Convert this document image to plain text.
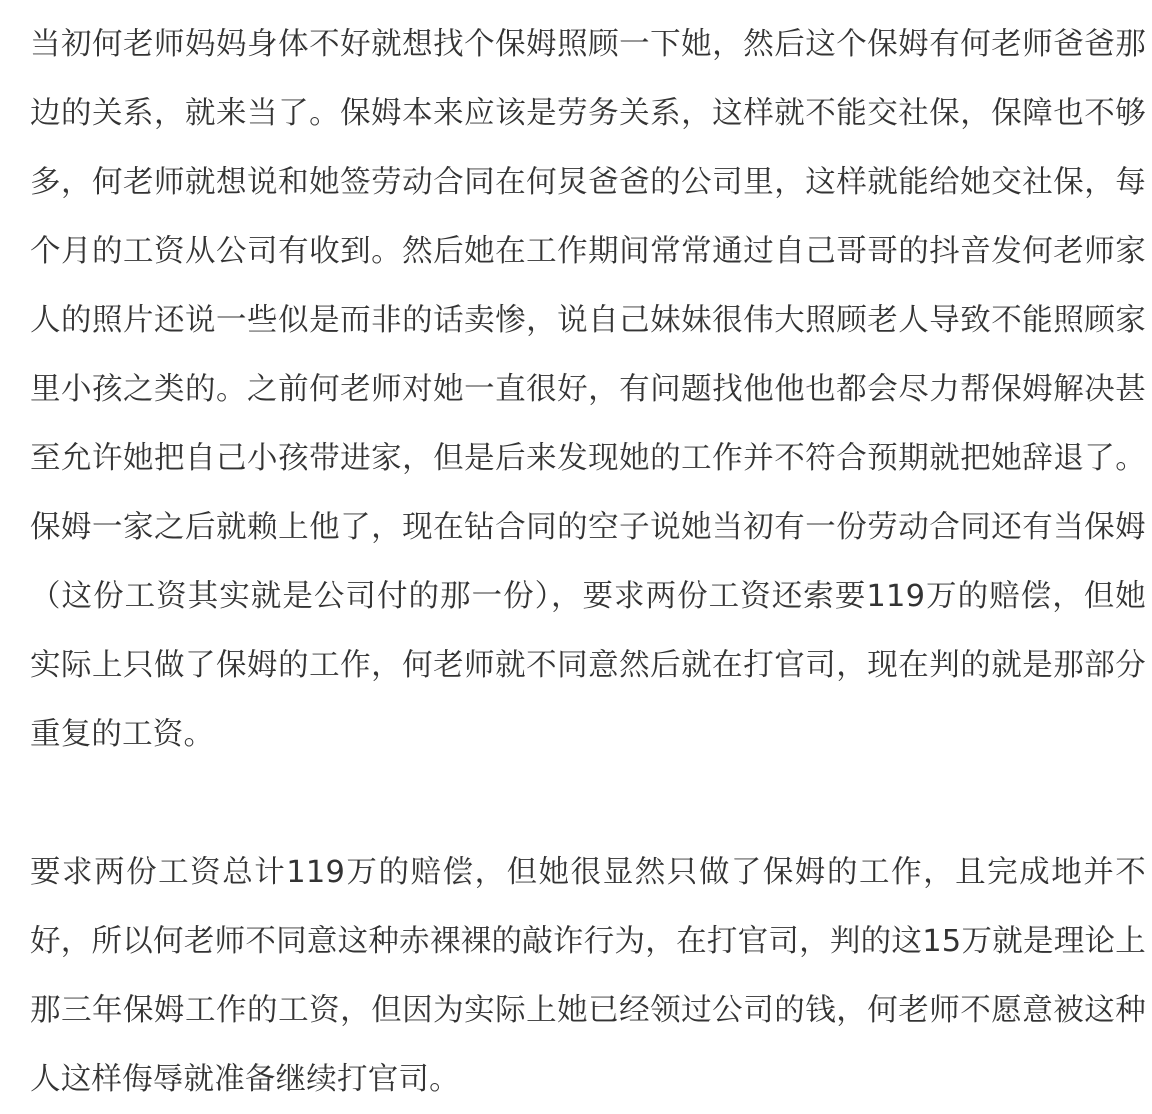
当初何老师妈妈身体不好就想找个保姆照顾一下她，然后这个保姆有何老师爸爸那边的关系，就来当了。保姆本来应该是劳务关系，这样就不能交社保，保障也不够多，何老师就想说和她签劳动合同在何炅爸爸的公司里，这样就能给她交社保，每个月的工资从公司有收到。然后她在工作期间常常通过自己哥哥的抖音发何老师家人的照片还说一些似是而非的话卖惨，说自己妹妹很伟大照顾老人导致不能照顾家里小孩之类的。之前何老师对她一直很好，有问题找他他也都会尽力帮保姆解决甚至允许她把自己小孩带进家，但是后来发现她的工作并不符合预期就把她辞退了。保姆一家之后就赖上他了，现在钻合同的空子说她当初有一份劳动合同还有当保姆（这份工资其实就是公司付的那一份），要求两份工资还索要119万的赔偿，但她实际上只做了保姆的工作，何老师就不同意然后就在打官司，现在判的就是那部分重复的工资。

要求两份工资总计119万的赔偿，但她很显然只做了保姆的工作，且完成地并不好，所以何老师不同意这种赤裸裸的敲诈行为，在打官司，判的这15万就是理论上那三年保姆工作的工资，但因为实际上她已经领过公司的钱，何老师不愿意被这种人这样侮辱就准备继续打官司。
